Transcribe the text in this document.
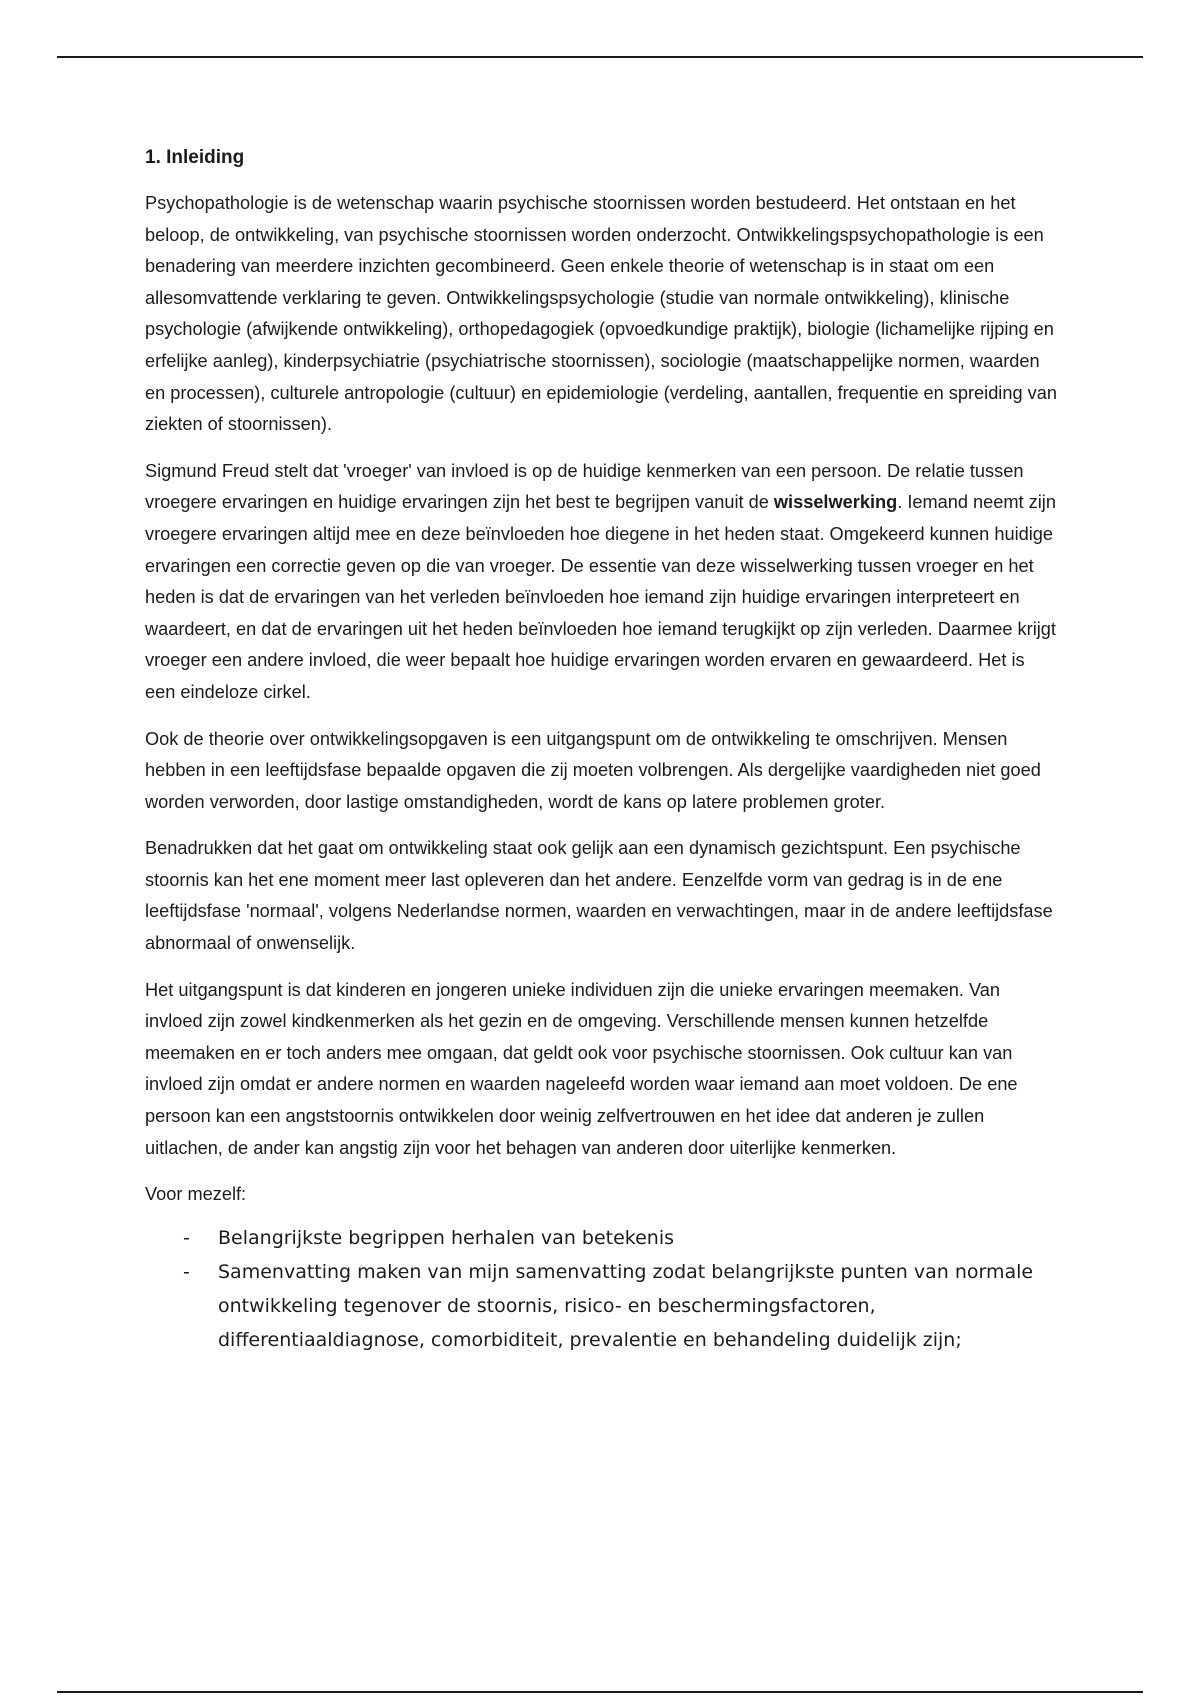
1. Inleiding

Psychopathologie is de wetenschap waarin psychische stoornissen worden bestudeerd. Het ontstaan en het beloop, de ontwikkeling, van psychische stoornissen worden onderzocht. Ontwikkelingspsychopathologie is een benadering van meerdere inzichten gecombineerd. Geen enkele theorie of wetenschap is in staat om een allesomvattende verklaring te geven. Ontwikkelingspsychologie (studie van normale ontwikkeling), klinische psychologie (afwijkende ontwikkeling), orthopedagogiek (opvoedkundige praktijk), biologie (lichamelijke rijping en erfelijke aanleg), kinderpsychiatrie (psychiatrische stoornissen), sociologie (maatschappelijke normen, waarden en processen), culturele antropologie (cultuur) en epidemiologie (verdeling, aantallen, frequentie en spreiding van ziekten of stoornissen).

Sigmund Freud stelt dat 'vroeger' van invloed is op de huidige kenmerken van een persoon. De relatie tussen vroegere ervaringen en huidige ervaringen zijn het best te begrijpen vanuit de wisselwerking. Iemand neemt zijn vroegere ervaringen altijd mee en deze beïnvloeden hoe diegene in het heden staat. Omgekeerd kunnen huidige ervaringen een correctie geven op die van vroeger. De essentie van deze wisselwerking tussen vroeger en het heden is dat de ervaringen van het verleden beïnvloeden hoe iemand zijn huidige ervaringen interpreteert en waardeert, en dat de ervaringen uit het heden beïnvloeden hoe iemand terugkijkt op zijn verleden. Daarmee krijgt vroeger een andere invloed, die weer bepaalt hoe huidige ervaringen worden ervaren en gewaardeerd. Het is een eindeloze cirkel.

Ook de theorie over ontwikkelingsopgaven is een uitgangspunt om de ontwikkeling te omschrijven. Mensen hebben in een leeftijdsfase bepaalde opgaven die zij moeten volbrengen. Als dergelijke vaardigheden niet goed worden verworden, door lastige omstandigheden, wordt de kans op latere problemen groter.

Benadrukken dat het gaat om ontwikkeling staat ook gelijk aan een dynamisch gezichtspunt. Een psychische stoornis kan het ene moment meer last opleveren dan het andere. Eenzelfde vorm van gedrag is in de ene leeftijdsfase 'normaal', volgens Nederlandse normen, waarden en verwachtingen, maar in de andere leeftijdsfase abnormaal of onwenselijk.

Het uitgangspunt is dat kinderen en jongeren unieke individuen zijn die unieke ervaringen meemaken. Van invloed zijn zowel kindkenmerken als het gezin en de omgeving. Verschillende mensen kunnen hetzelfde meemaken en er toch anders mee omgaan, dat geldt ook voor psychische stoornissen. Ook cultuur kan van invloed zijn omdat er andere normen en waarden nageleefd worden waar iemand aan moet voldoen. De ene persoon kan een angststoornis ontwikkelen door weinig zelfvertrouwen en het idee dat anderen je zullen uitlachen, de ander kan angstig zijn voor het behagen van anderen door uiterlijke kenmerken.

Voor mezelf:

- Belangrijkste begrippen herhalen van betekenis
- Samenvatting maken van mijn samenvatting zodat belangrijkste punten van normale ontwikkeling tegenover de stoornis, risico- en beschermingsfactoren, differentiaaldiagnose, comorbiditeit, prevalentie en behandeling duidelijk zijn;
